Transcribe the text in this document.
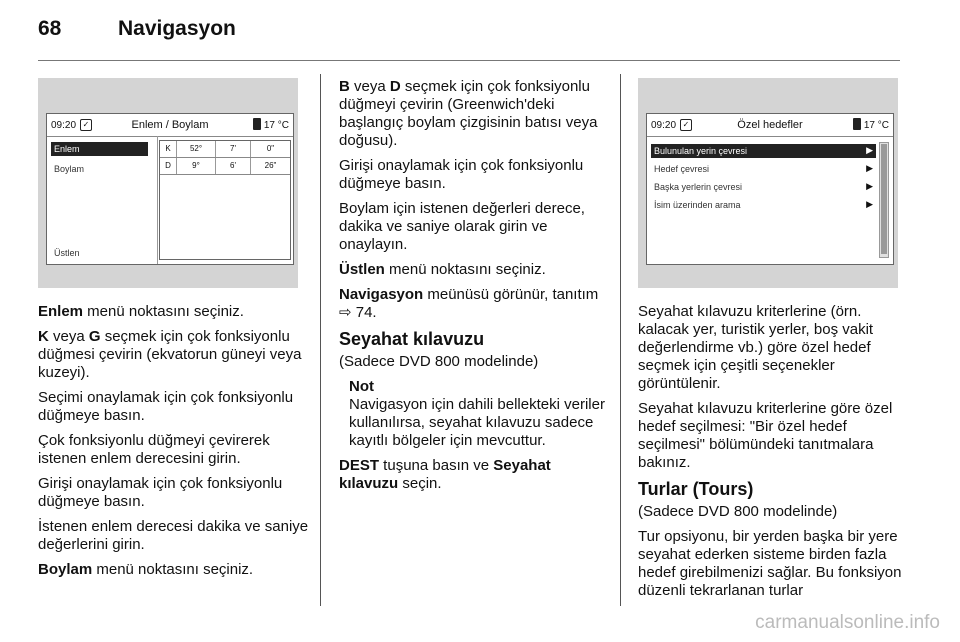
68	Navigasyon
09:20 ✓	Enlem / Boylam	17 °C
Enlem
Boylam
Üstlen
K	52°	7'	0"
D	9°	6'	26"
09:20 ✓	Özel hedefler	17 °C
Bulunulan yerin çevresi	▶
Hedef çevresi	▶
Başka yerlerin çevresi	▶
İsim üzerinden arama	▶

Enlem menü noktasını seçiniz.

K veya G seçmek için çok fonksiyonlu düğmesi çevirin (ekvatorun güneyi veya kuzeyi).

Seçimi onaylamak için çok fonksiyonlu düğmeye basın.

Çok fonksiyonlu düğmeyi çevirerek istenen enlem derecesini girin.

Girişi onaylamak için çok fonksiyonlu düğmeye basın.

İstenen enlem derecesi dakika ve saniye değerlerini girin.

Boylam menü noktasını seçiniz.

B veya D seçmek için çok fonksiyonlu düğmeyi çevirin (Greenwich'deki başlangıç boylam çizgisinin batısı veya doğusu).

Girişi onaylamak için çok fonksiyonlu düğmeye basın.

Boylam için istenen değerleri derece, dakika ve saniye olarak girin ve onaylayın.

Üstlen menü noktasını seçiniz.

Navigasyon meünüsü görünür, tanıtım ⇨ 74.

Seyahat kılavuzu

(Sadece DVD 800 modelinde)

Not

Navigasyon için dahili bellekteki veriler kullanılırsa, seyahat kılavuzu sadece kayıtlı bölgeler için mevcuttur.

DEST tuşuna basın ve Seyahat kılavuzu seçin.

Seyahat kılavuzu kriterlerine (örn. kalacak yer, turistik yerler, boş vakit değerlendirme vb.) göre özel hedef seçmek için çeşitli seçenekler görüntülenir.

Seyahat kılavuzu kriterlerine göre özel hedef seçilmesi: "Bir özel hedef seçilmesi" bölümündeki tanıtmalara bakınız.

Turlar (Tours)

(Sadece DVD 800 modelinde)

Tur opsiyonu, bir yerden başka bir yere seyahat ederken sisteme birden fazla hedef girebilmenizi sağlar. Bu fonksiyon düzenli tekrarlanan turlar

carmanualsonline.info
